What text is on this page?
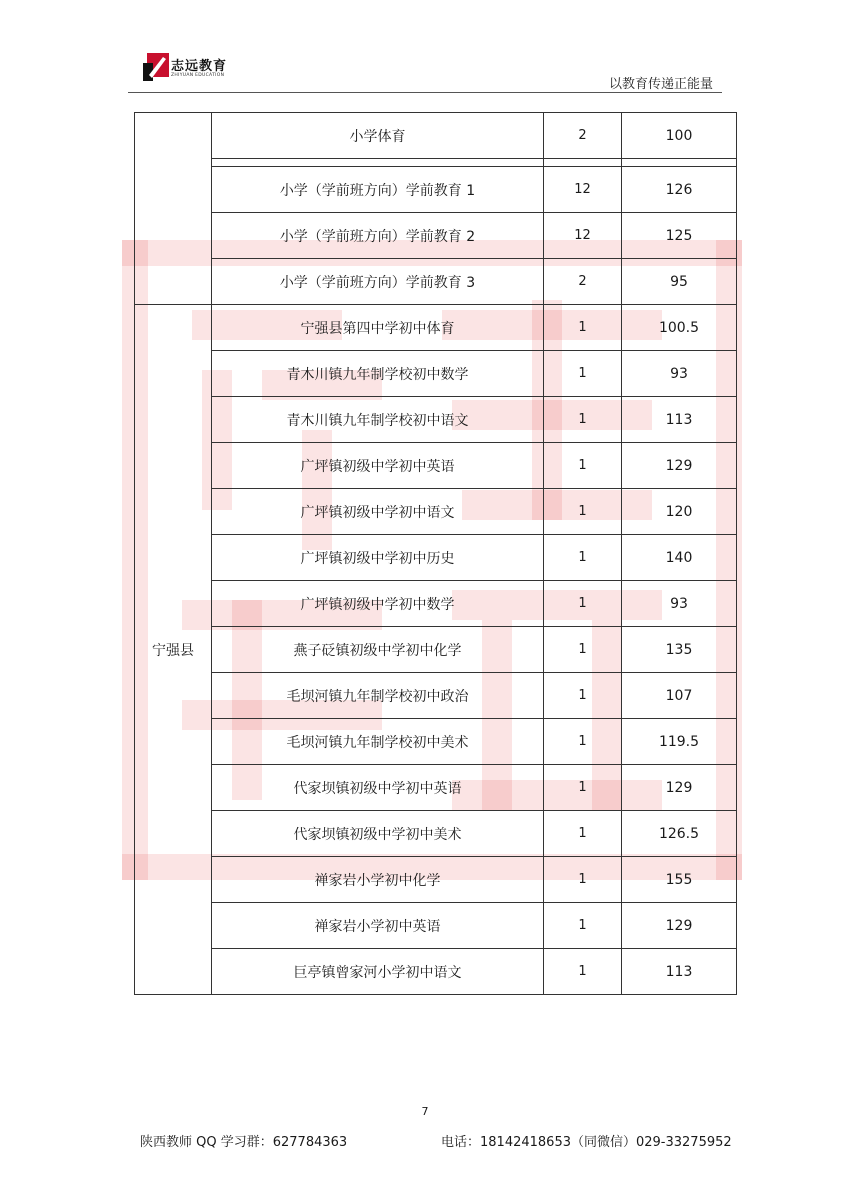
志远教育
ZHIYUAN EDUCATION
以教育传递正能量
	小学体育	2	100

	小学（学前班方向）学前教育 1	12	126
	小学（学前班方向）学前教育 2	12	125
	小学（学前班方向）学前教育 3	2	95
宁强县	宁强县第四中学初中体育	1	100.5
	青木川镇九年制学校初中数学	1	93
	青木川镇九年制学校初中语文	1	113
	广坪镇初级中学初中英语	1	129
	广坪镇初级中学初中语文	1	120
	广坪镇初级中学初中历史	1	140
	广坪镇初级中学初中数学	1	93
	燕子砭镇初级中学初中化学	1	135
	毛坝河镇九年制学校初中政治	1	107
	毛坝河镇九年制学校初中美术	1	119.5
	代家坝镇初级中学初中英语	1	129
	代家坝镇初级中学初中美术	1	126.5
	禅家岩小学初中化学	1	155
	禅家岩小学初中英语	1	129
	巨亭镇曾家河小学初中语文	1	113
7
陕西教师 QQ 学习群：627784363	电话：18142418653（同微信）029-33275952
